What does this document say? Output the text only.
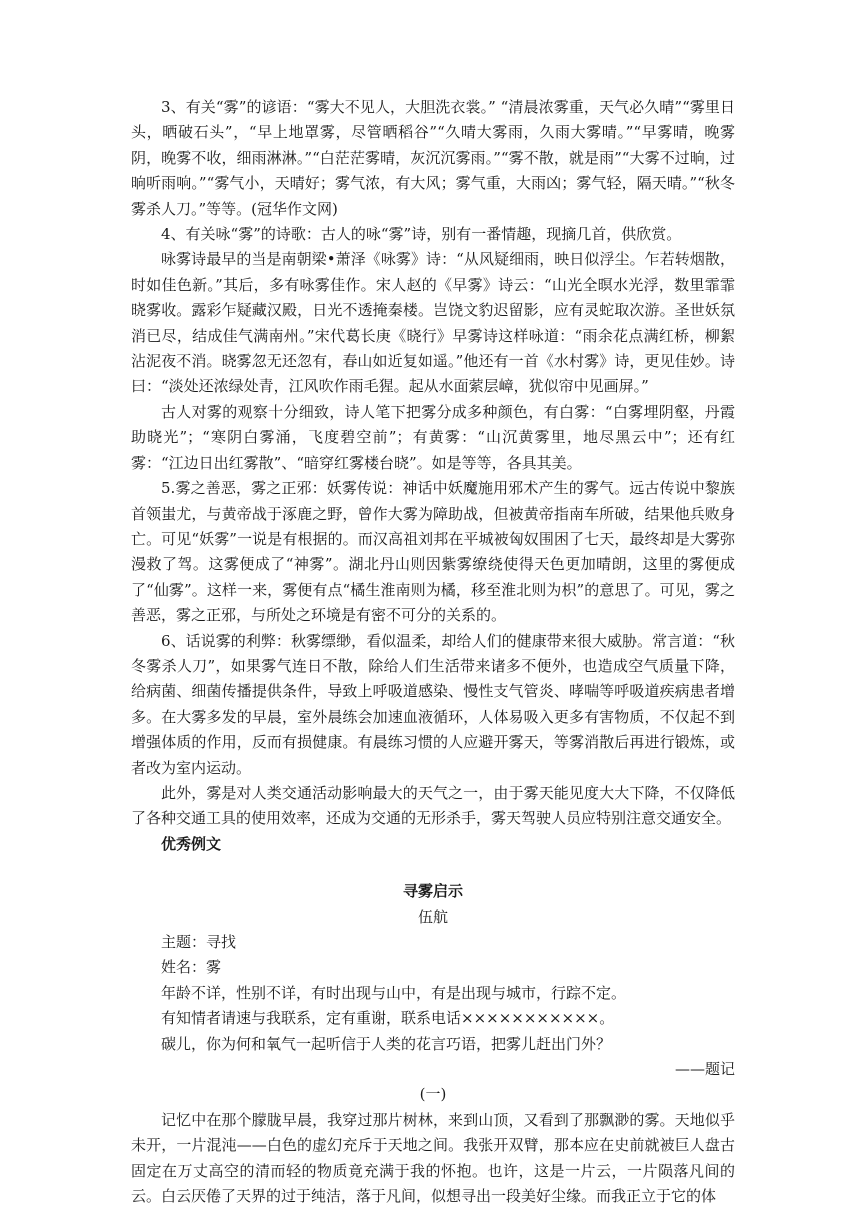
3、有关“雾”的谚语：“雾大不见人，大胆洗衣裳。” “清晨浓雾重，天气必久晴”“雾里日头，晒破石头”，“早上地罩雾，尽管晒稻谷”“久晴大雾雨，久雨大雾晴。”“早雾晴，晚雾阴，晚雾不收，细雨淋淋。”“白茫茫雾晴，灰沉沉雾雨。”“雾不散，就是雨”“大雾不过晌，过晌听雨响。”“雾气小，天晴好；雾气浓，有大风；雾气重，大雨凶；雾气轻，隔天晴。”“秋冬雾杀人刀。”等等。(冠华作文网)

4、有关咏“雾”的诗歌：古人的咏“雾”诗，别有一番情趣，现摘几首，供欣赏。

咏雾诗最早的当是南朝梁•萧泽《咏雾》诗：“从风疑细雨，映日似浮尘。乍若转烟散，时如佳色新。”其后，多有咏雾佳作。宋人赵的《早雾》诗云：“山光全暝水光浮，数里霏霏晓雾收。露彩乍疑藏汉殿，日光不透掩秦楼。岂饶文豹迟留影，应有灵蛇取次游。圣世妖氛消已尽，结成佳气满南州。”宋代葛长庚《晓行》早雾诗这样咏道：“雨余花点满红桥，柳絮沾泥夜不消。晓雾忽无还忽有，春山如近复如遥。”他还有一首《水村雾》诗，更见佳妙。诗曰：“淡处还浓绿处青，江风吹作雨毛猩。起从水面萦层嶂，犹似帘中见画屏。”

古人对雾的观察十分细致，诗人笔下把雾分成多种颜色，有白雾：“白雾埋阴壑，丹霞助晓光”；“寒阴白雾涌，飞度碧空前”；有黄雾：“山沉黄雾里，地尽黑云中”；还有红雾：“江边日出红雾散”、“暗穿红雾楼台晓”。如是等等，各具其美。

5.雾之善恶，雾之正邪：妖雾传说：神话中妖魔施用邪术产生的雾气。远古传说中黎族首领蚩尤，与黄帝战于涿鹿之野，曾作大雾为障助战，但被黄帝指南车所破，结果他兵败身亡。可见“妖雾”一说是有根据的。而汉高祖刘邦在平城被匈奴围困了七天，最终却是大雾弥漫救了驾。这雾便成了“神雾”。湖北丹山则因紫雾缭绕使得天色更加晴朗，这里的雾便成了“仙雾”。这样一来，雾便有点“橘生淮南则为橘，移至淮北则为枳”的意思了。可见，雾之善恶，雾之正邪，与所处之环境是有密不可分的关系的。

6、话说雾的利弊：秋雾缥缈，看似温柔，却给人们的健康带来很大威胁。常言道：“秋冬雾杀人刀”，如果雾气连日不散，除给人们生活带来诸多不便外，也造成空气质量下降，给病菌、细菌传播提供条件，导致上呼吸道感染、慢性支气管炎、哮喘等呼吸道疾病患者增多。在大雾多发的早晨，室外晨练会加速血液循环，人体易吸入更多有害物质，不仅起不到增强体质的作用，反而有损健康。有晨练习惯的人应避开雾天，等雾消散后再进行锻炼，或者改为室内运动。

此外，雾是对人类交通活动影响最大的天气之一，由于雾天能见度大大下降，不仅降低了各种交通工具的使用效率，还成为交通的无形杀手，雾天驾驶人员应特别注意交通安全。

优秀例文

寻雾启示

伍航

主题：寻找

姓名：雾

年龄不详，性别不详，有时出现与山中，有是出现与城市，行踪不定。

有知情者请速与我联系，定有重谢，联系电话×××××××××××。

碳儿，你为何和氧气一起听信于人类的花言巧语，把雾儿赶出门外？

——题记

(一)

记忆中在那个朦胧早晨，我穿过那片树林，来到山顶，又看到了那飘渺的雾。天地似乎未开，一片混沌——白色的虚幻充斥于天地之间。我张开双臂，那本应在史前就被巨人盘古固定在万丈高空的清而轻的物质竟充满于我的怀抱。也许，这是一片云，一片陨落凡间的云。白云厌倦了天界的过于纯洁，落于凡间，似想寻出一段美好尘缘。而我正立于它的体
